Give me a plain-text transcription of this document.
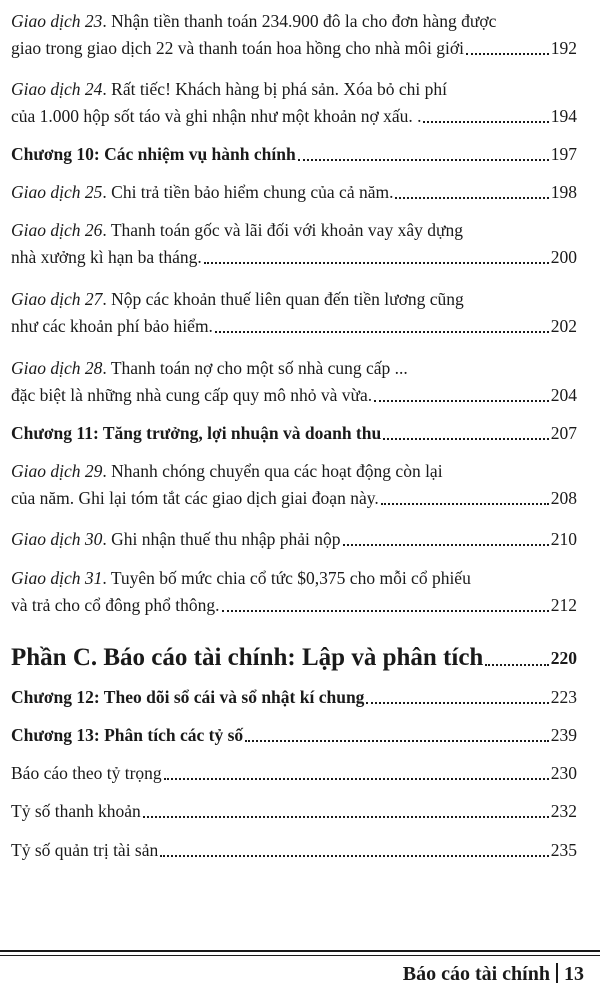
Giao dịch 23. Nhận tiền thanh toán 234.900 đô la cho đơn hàng được
giao trong giao dịch 22 và thanh toán hoa hồng cho nhà môi giới	192
Giao dịch 24. Rất tiếc! Khách hàng bị phá sản. Xóa bỏ chi phí
của 1.000 hộp sốt táo và ghi nhận như một khoản nợ xấu. .	194
Chương 10: Các nhiệm vụ hành chính	197
Giao dịch 25. Chi trả tiền bảo hiểm chung của cả năm.	198
Giao dịch 26. Thanh toán gốc và lãi đối với khoản vay xây dựng
nhà xưởng kì hạn ba tháng.	200
Giao dịch 27. Nộp các khoản thuế liên quan đến tiền lương cũng
như các khoản phí bảo hiểm.	202
Giao dịch 28. Thanh toán nợ cho một số nhà cung cấp ...
đặc biệt là những nhà cung cấp quy mô nhỏ và vừa.	204
Chương 11: Tăng trưởng, lợi nhuận và doanh thu	207
Giao dịch 29. Nhanh chóng chuyển qua các hoạt động còn lại
của năm. Ghi lại tóm tắt các giao dịch giai đoạn này.	208
Giao dịch 30. Ghi nhận thuế thu nhập phải nộp	210
Giao dịch 31. Tuyên bố mức chia cổ tức $0,375 cho mỗi cổ phiếu
và trả cho cổ đông phổ thông.	212
Phần C. Báo cáo tài chính: Lập và phân tích	220
Chương 12: Theo dõi sổ cái và sổ nhật kí chung	223
Chương 13: Phân tích các tỷ số	239
Báo cáo theo tỷ trọng	230
Tỷ số thanh khoản	232
Tỷ số quản trị tài sản	235
Báo cáo tài chính 13
